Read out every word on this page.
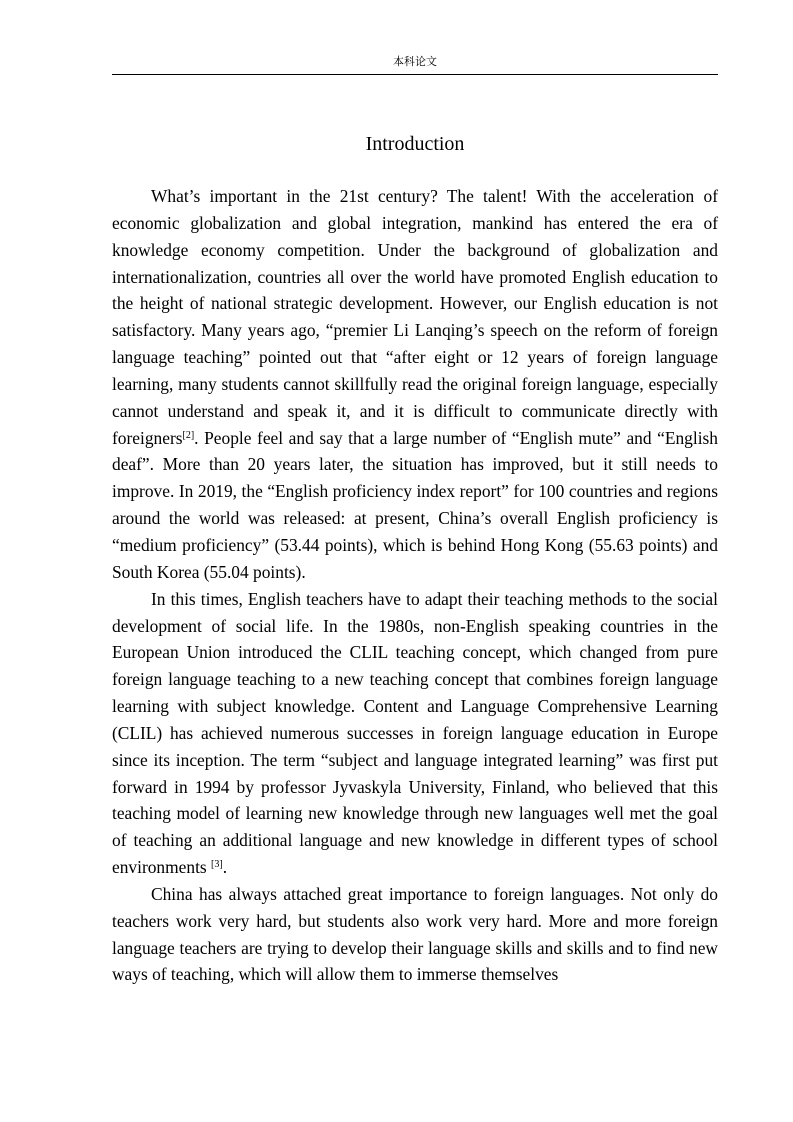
本科论文
Introduction

What’s important in the 21st century? The talent! With the acceleration of economic globalization and global integration, mankind has entered the era of knowledge economy competition. Under the background of globalization and internationalization, countries all over the world have promoted English education to the height of national strategic development. However, our English education is not satisfactory. Many years ago, “premier Li Lanqing’s speech on the reform of foreign language teaching” pointed out that “after eight or 12 years of foreign language learning, many students cannot skillfully read the original foreign language, especially cannot understand and speak it, and it is difficult to communicate directly with foreigners[2]. People feel and say that a large number of “English mute” and “English deaf”. More than 20 years later, the situation has improved, but it still needs to improve. In 2019, the “English proficiency index report” for 100 countries and regions around the world was released: at present, China’s overall English proficiency is “medium proficiency” (53.44 points), which is behind Hong Kong (55.63 points) and South Korea (55.04 points).

In this times, English teachers have to adapt their teaching methods to the social development of social life. In the 1980s, non-English speaking countries in the European Union introduced the CLIL teaching concept, which changed from pure foreign language teaching to a new teaching concept that combines foreign language learning with subject knowledge. Content and Language Comprehensive Learning (CLIL) has achieved numerous successes in foreign language education in Europe since its inception. The term “subject and language integrated learning” was first put forward in 1994 by professor Jyvaskyla University, Finland, who believed that this teaching model of learning new knowledge through new languages well met the goal of teaching an additional language and new knowledge in different types of school environments [3].

China has always attached great importance to foreign languages. Not only do teachers work very hard, but students also work very hard. More and more foreign language teachers are trying to develop their language skills and skills and to find new ways of teaching, which will allow them to immerse themselves
